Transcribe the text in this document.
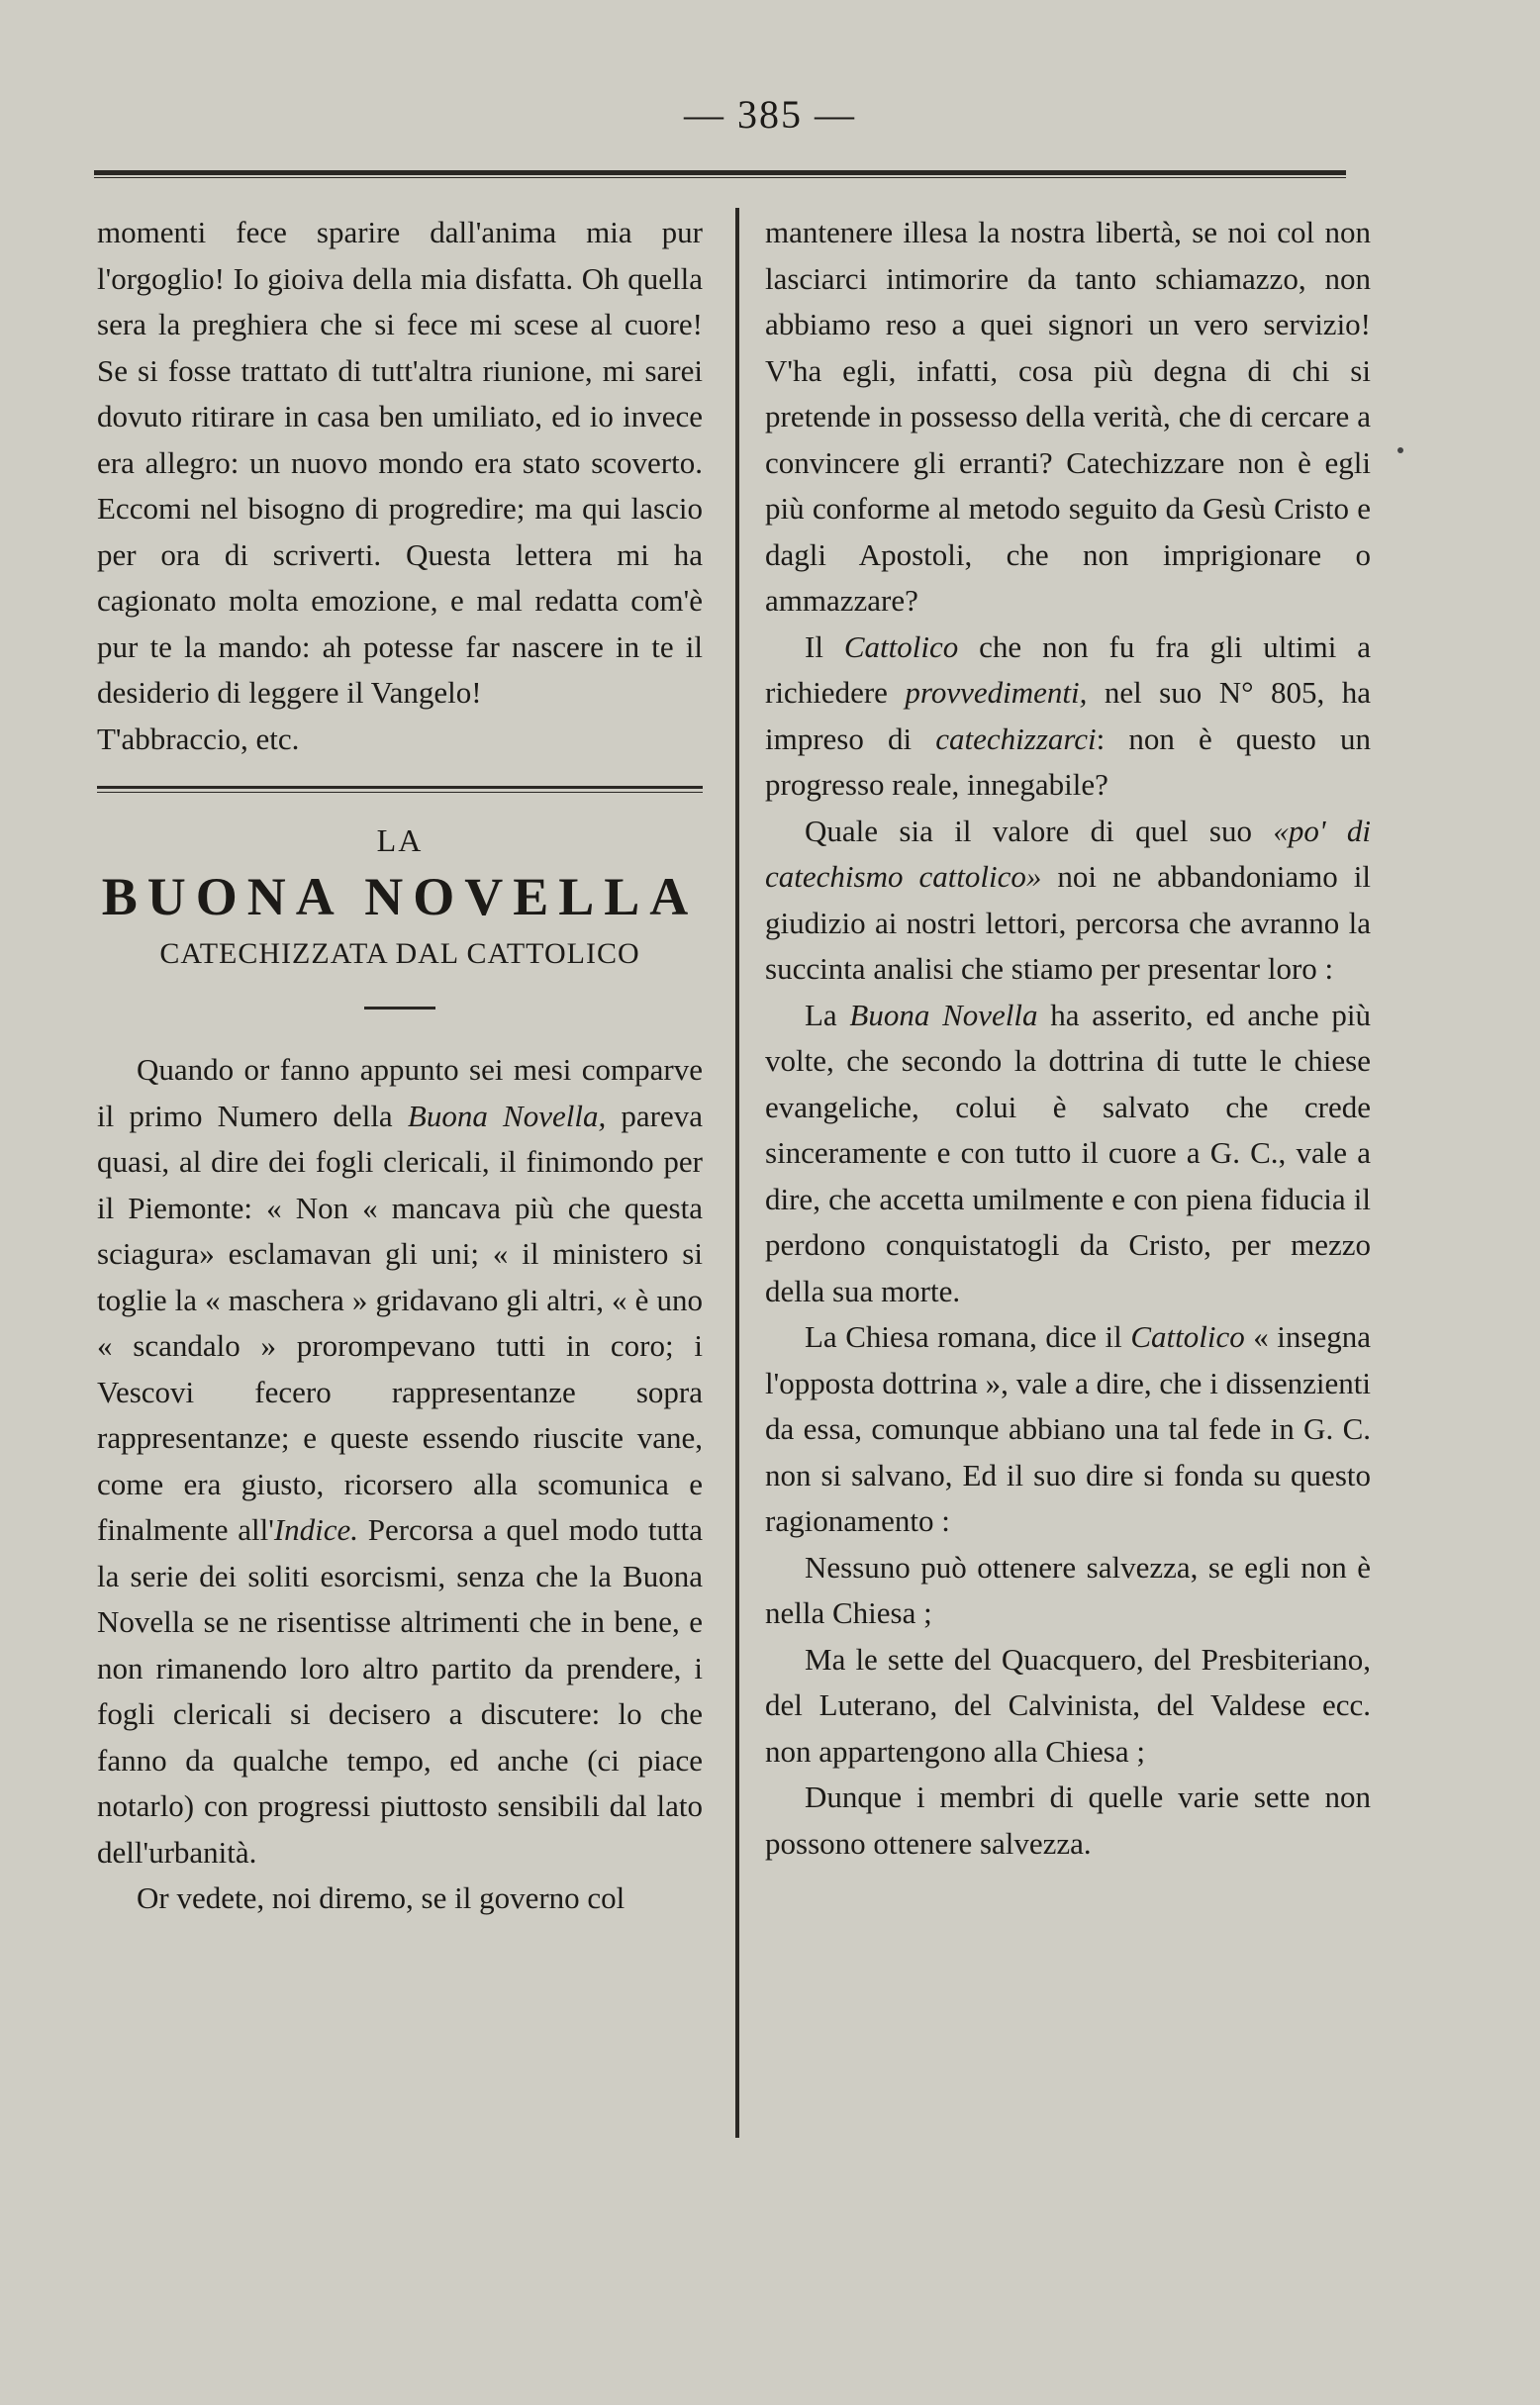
— 385 —

momenti fece sparire dall'anima mia pur l'orgoglio! Io gioiva della mia disfatta. Oh quella sera la preghiera che si fece mi scese al cuore! Se si fosse trattato di tutt'altra riunione, mi sarei dovuto ritirare in casa ben umiliato, ed io invece era allegro: un nuovo mondo era stato scoverto. Eccomi nel bisogno di progredire; ma qui lascio per ora di scriverti. Questa lettera mi ha cagionato molta emozione, e mal redatta com'è pur te la mando: ah potesse far nascere in te il desiderio di leggere il Vangelo!

T'abbraccio, etc.

LA

BUONA NOVELLA

CATECHIZZATA DAL CATTOLICO

Quando or fanno appunto sei mesi comparve il primo Numero della Buona Novella, pareva quasi, al dire dei fogli clericali, il finimondo per il Piemonte: « Non « mancava più che questa sciagura» esclamavan gli uni; « il ministero si toglie la « maschera » gridavano gli altri, « è uno « scandalo » prorompevano tutti in coro; i Vescovi fecero rappresentanze sopra rappresentanze; e queste essendo riuscite vane, come era giusto, ricorsero alla scomunica e finalmente all'Indice. Percorsa a quel modo tutta la serie dei soliti esorcismi, senza che la Buona Novella se ne risentisse altrimenti che in bene, e non rimanendo loro altro partito da prendere, i fogli clericali si decisero a discutere: lo che fanno da qualche tempo, ed anche (ci piace notarlo) con progressi piuttosto sensibili dal lato dell'urbanità.

Or vedete, noi diremo, se il governo col

mantenere illesa la nostra libertà, se noi col non lasciarci intimorire da tanto schiamazzo, non abbiamo reso a quei signori un vero servizio! V'ha egli, infatti, cosa più degna di chi si pretende in possesso della verità, che di cercare a convincere gli erranti? Catechizzare non è egli più conforme al metodo seguito da Gesù Cristo e dagli Apostoli, che non imprigionare o ammazzare?

Il Cattolico che non fu fra gli ultimi a richiedere provvedimenti, nel suo N° 805, ha impreso di catechizzarci: non è questo un progresso reale, innegabile?

Quale sia il valore di quel suo «po' di catechismo cattolico» noi ne abbandoniamo il giudizio ai nostri lettori, percorsa che avranno la succinta analisi che stiamo per presentar loro :

La Buona Novella ha asserito, ed anche più volte, che secondo la dottrina di tutte le chiese evangeliche, colui è salvato che crede sinceramente e con tutto il cuore a G. C., vale a dire, che accetta umilmente e con piena fiducia il perdono conquistatogli da Cristo, per mezzo della sua morte.

La Chiesa romana, dice il Cattolico « insegna l'opposta dottrina », vale a dire, che i dissenzienti da essa, comunque abbiano una tal fede in G. C. non si salvano, Ed il suo dire si fonda su questo ragionamento :

Nessuno può ottenere salvezza, se egli non è nella Chiesa ;

Ma le sette del Quacquero, del Presbiteriano, del Luterano, del Calvinista, del Valdese ecc. non appartengono alla Chiesa ;

Dunque i membri di quelle varie sette non possono ottenere salvezza.
